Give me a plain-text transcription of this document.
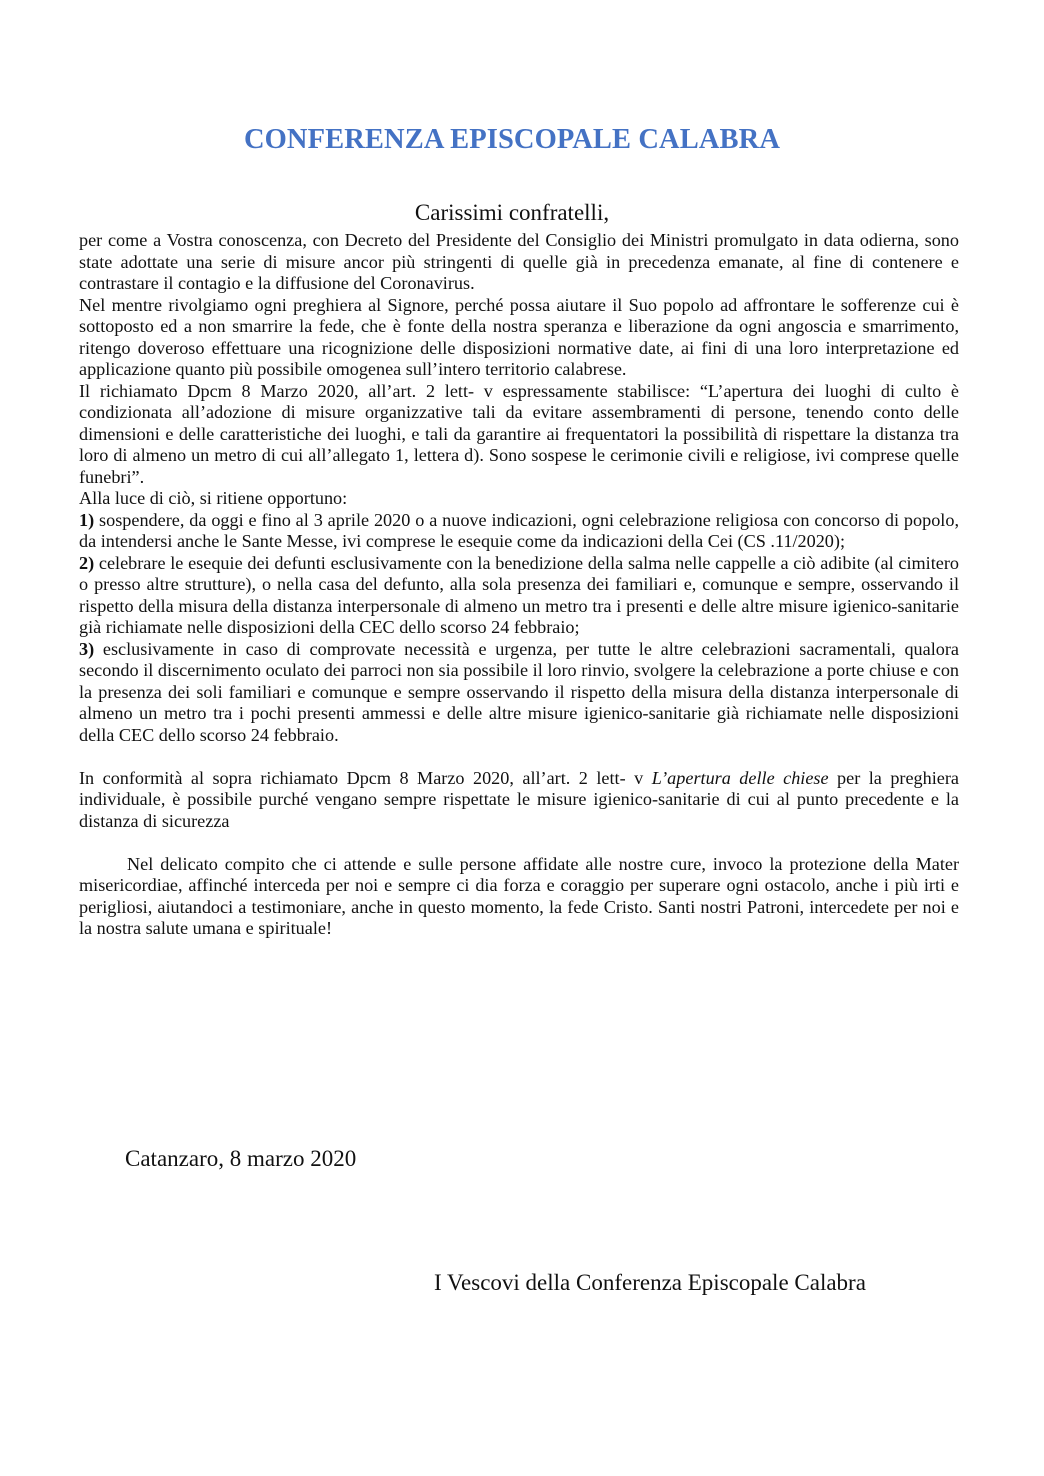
CONFERENZA EPISCOPALE CALABRA
Carissimi confratelli,

per come a Vostra conoscenza, con Decreto del Presidente del Consiglio dei Ministri promulgato in data odierna, sono state adottate una serie di misure ancor più stringenti di quelle già in precedenza emanate, al fine di contenere e contrastare il contagio e la diffusione del Coronavirus.

Nel mentre rivolgiamo ogni preghiera al Signore, perché possa aiutare il Suo popolo ad affrontare le sofferenze cui è sottoposto ed a non smarrire la fede, che è fonte della nostra speranza e liberazione da ogni angoscia e smarrimento, ritengo doveroso effettuare una ricognizione delle disposizioni normative date, ai fini di una loro interpretazione ed applicazione quanto più possibile omogenea sull’intero territorio calabrese.

Il richiamato Dpcm 8 Marzo 2020, all’art. 2 lett- v espressamente stabilisce: “L’apertura dei luoghi di culto è condizionata all’adozione di misure organizzative tali da evitare assembramenti di persone, tenendo conto delle dimensioni e delle caratteristiche dei luoghi, e tali da garantire ai frequentatori la possibilità di rispettare la distanza tra loro di almeno un metro di cui all’allegato 1, lettera d). Sono sospese le cerimonie civili e religiose, ivi comprese quelle funebri”.

Alla luce di ciò, si ritiene opportuno:

1) sospendere, da oggi e fino al 3 aprile 2020 o a nuove indicazioni, ogni celebrazione religiosa con concorso di popolo, da intendersi anche le Sante Messe, ivi comprese le esequie come da indicazioni della Cei (CS .11/2020);

2) celebrare le esequie dei defunti esclusivamente con la benedizione della salma nelle cappelle a ciò adibite (al cimitero o presso altre strutture), o nella casa del defunto, alla sola presenza dei familiari e, comunque e sempre, osservando il rispetto della misura della distanza interpersonale di almeno un metro tra i presenti e delle altre misure igienico-sanitarie già richiamate nelle disposizioni della CEC dello scorso 24 febbraio;

3) esclusivamente in caso di comprovate necessità e urgenza, per tutte le altre celebrazioni sacramentali, qualora secondo il discernimento oculato dei parroci non sia possibile il loro rinvio, svolgere la celebrazione a porte chiuse e con la presenza dei soli familiari e comunque e sempre osservando il rispetto della misura della distanza interpersonale di almeno un metro tra i pochi presenti ammessi e delle altre misure igienico-sanitarie già richiamate nelle disposizioni della CEC dello scorso 24 febbraio.

In conformità al sopra richiamato Dpcm 8 Marzo 2020, all’art. 2 lett- v L’apertura delle chiese per la preghiera individuale, è possibile purché vengano sempre rispettate le misure igienico-sanitarie di cui al punto precedente e la distanza di sicurezza

Nel delicato compito che ci attende e sulle persone affidate alle nostre cure, invoco la protezione della Mater misericordiae, affinché interceda per noi e sempre ci dia forza e coraggio per superare ogni ostacolo, anche i più irti e perigliosi, aiutandoci a testimoniare, anche in questo momento, la fede Cristo. Santi nostri Patroni, intercedete per noi e la nostra salute umana e spirituale!

Catanzaro, 8 marzo 2020
I Vescovi della Conferenza Episcopale Calabra
